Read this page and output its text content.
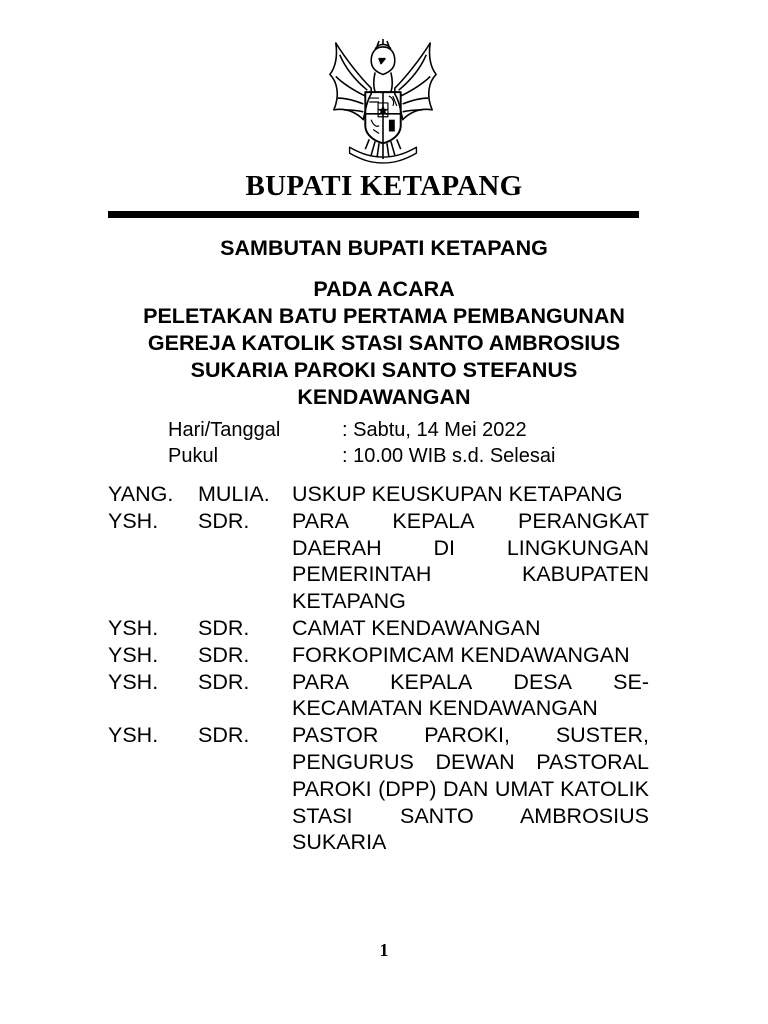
BUPATI KETAPANG
SAMBUTAN BUPATI KETAPANG
PADA ACARA
PELETAKAN BATU PERTAMA PEMBANGUNAN
GEREJA KATOLIK STASI SANTO AMBROSIUS
SUKARIA PAROKI SANTO STEFANUS
KENDAWANGAN
Hari/Tanggal	: Sabtu, 14 Mei 2022
Pukul	: 10.00 WIB s.d. Selesai
YANG.	MULIA.	USKUP KEUSKUPAN KETAPANG
YSH.	SDR.	PARA KEPALA PERANGKAT DAERAH DI LINGKUNGAN PEMERINTAH KABUPATEN KETAPANG
YSH.	SDR.	CAMAT KENDAWANGAN
YSH.	SDR.	FORKOPIMCAM KENDAWANGAN
YSH.	SDR.	PARA KEPALA DESA SE-KECAMATAN KENDAWANGAN
YSH.	SDR.	PASTOR PAROKI, SUSTER, PENGURUS DEWAN PASTORAL PAROKI (DPP) DAN UMAT KATOLIK STASI SANTO AMBROSIUS SUKARIA
1
